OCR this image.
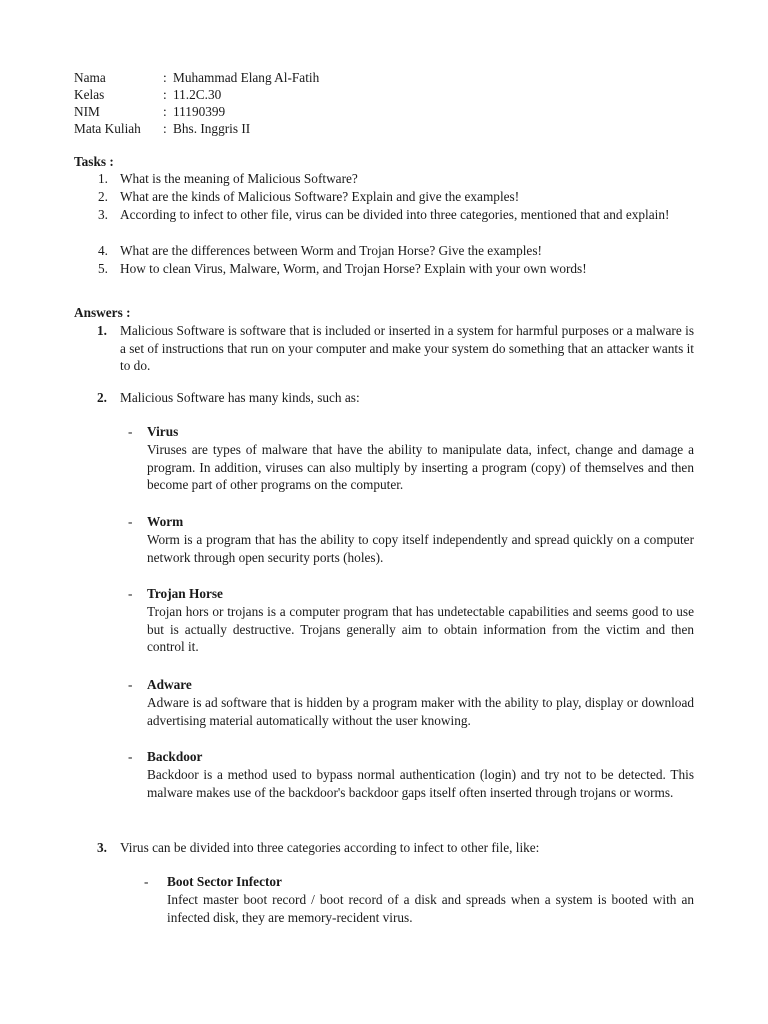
Nama	: Muhammad Elang Al-Fatih
Kelas	: 11.2C.30
NIM	: 11190399
Mata Kuliah : Bhs. Inggris II
Tasks :
1. What is the meaning of Malicious Software?
2. What are the kinds of Malicious Software? Explain and give the examples!
3. According to infect to other file, virus can be divided into three categories, mentioned that and explain!
4. What are the differences between Worm and Trojan Horse? Give the examples!
5. How to clean Virus, Malware, Worm, and Trojan Horse? Explain with your own words!
Answers :
1. Malicious Software is software that is included or inserted in a system for harmful purposes or a malware is a set of instructions that run on your computer and make your system do something that an attacker wants it to do.
2. Malicious Software has many kinds, such as:
- Virus
Viruses are types of malware that have the ability to manipulate data, infect, change and damage a program. In addition, viruses can also multiply by inserting a program (copy) of themselves and then become part of other programs on the computer.
- Worm
Worm is a program that has the ability to copy itself independently and spread quickly on a computer network through open security ports (holes).
- Trojan Horse
Trojan hors or trojans is a computer program that has undetectable capabilities and seems good to use but is actually destructive. Trojans generally aim to obtain information from the victim and then control it.
- Adware
Adware is ad software that is hidden by a program maker with the ability to play, display or download advertising material automatically without the user knowing.
- Backdoor
Backdoor is a method used to bypass normal authentication (login) and try not to be detected. This malware makes use of the backdoor's backdoor gaps itself often inserted through trojans or worms.
3. Virus can be divided into three categories according to infect to other file, like:
- Boot Sector Infector
Infect master boot record / boot record of a disk and spreads when a system is booted with an infected disk, they are memory-recident virus.
